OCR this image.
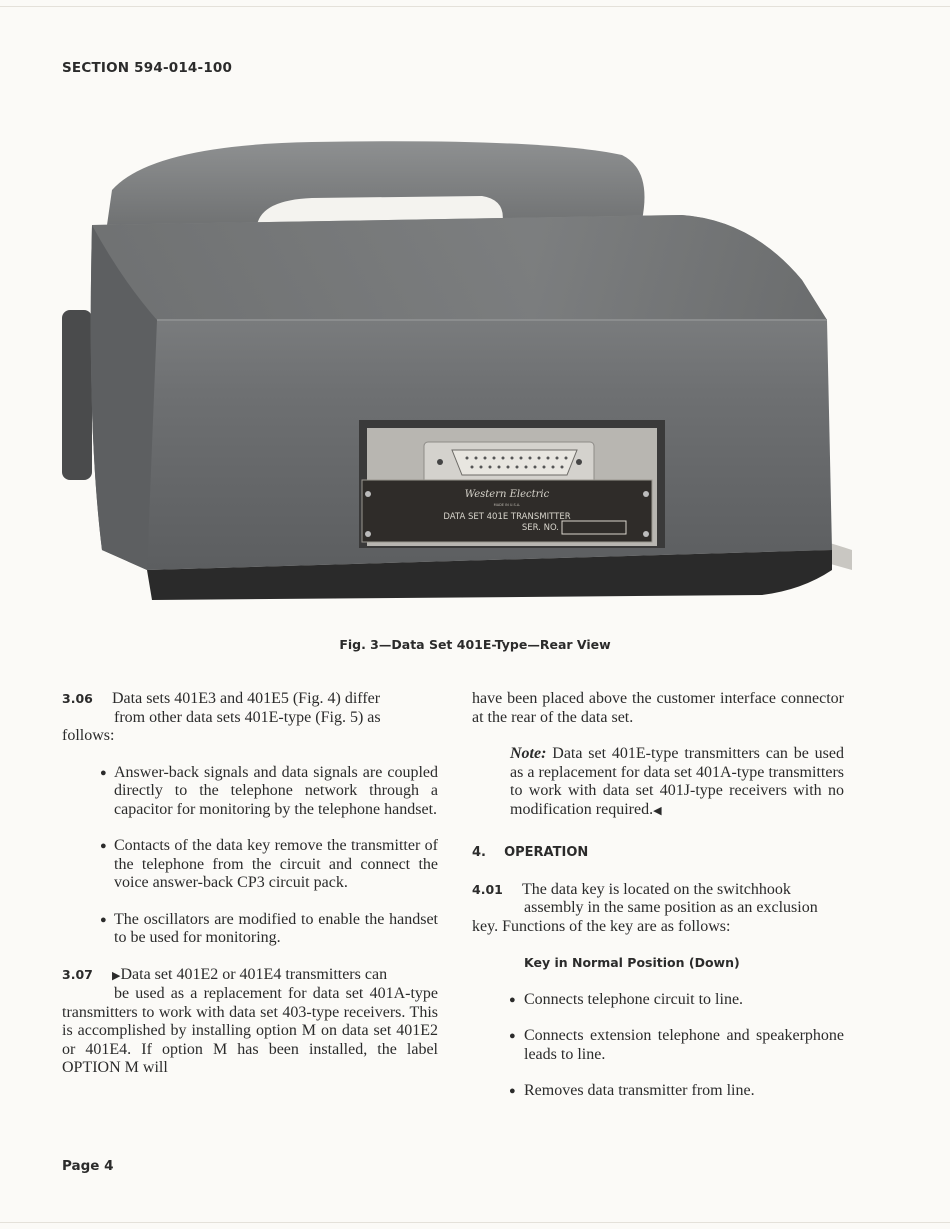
SECTION 594-014-100
Western Electric
MADE IN U.S.A.
DATA SET 401E TRANSMITTER
SER. NO.
Fig. 3—Data Set 401E-Type—Rear View

3.06 Data sets 401E3 and 401E5 (Fig. 4) differ

from other data sets 401E-type (Fig. 5) as
follows:

● Answer-back signals and data signals are coupled directly to the telephone network through a capacitor for monitoring by the telephone handset.

● Contacts of the data key remove the transmitter of the telephone from the circuit and connect the voice answer-back CP3 circuit pack.

● The oscillators are modified to enable the handset to be used for monitoring.

3.07 ▶Data set 401E2 or 401E4 transmitters can
be used as a replacement for data set 401A-type transmitters to work with data set 403-type receivers. This is accomplished by installing option M on data set 401E2 or 401E4. If option M has been installed, the label OPTION M will

have been placed above the customer interface connector at the rear of the data set.

Note: Data set 401E-type transmitters can be used as a replacement for data set 401A-type transmitters to work with data set 401J-type receivers with no modification required.◀

4.    OPERATION

4.01 The data key is located on the switchhook

assembly in the same position as an exclusion
key. Functions of the key are as follows:

Key in Normal Position (Down)

● Connects telephone circuit to line.

● Connects extension telephone and speakerphone leads to line.

● Removes data transmitter from line.

Page 4
